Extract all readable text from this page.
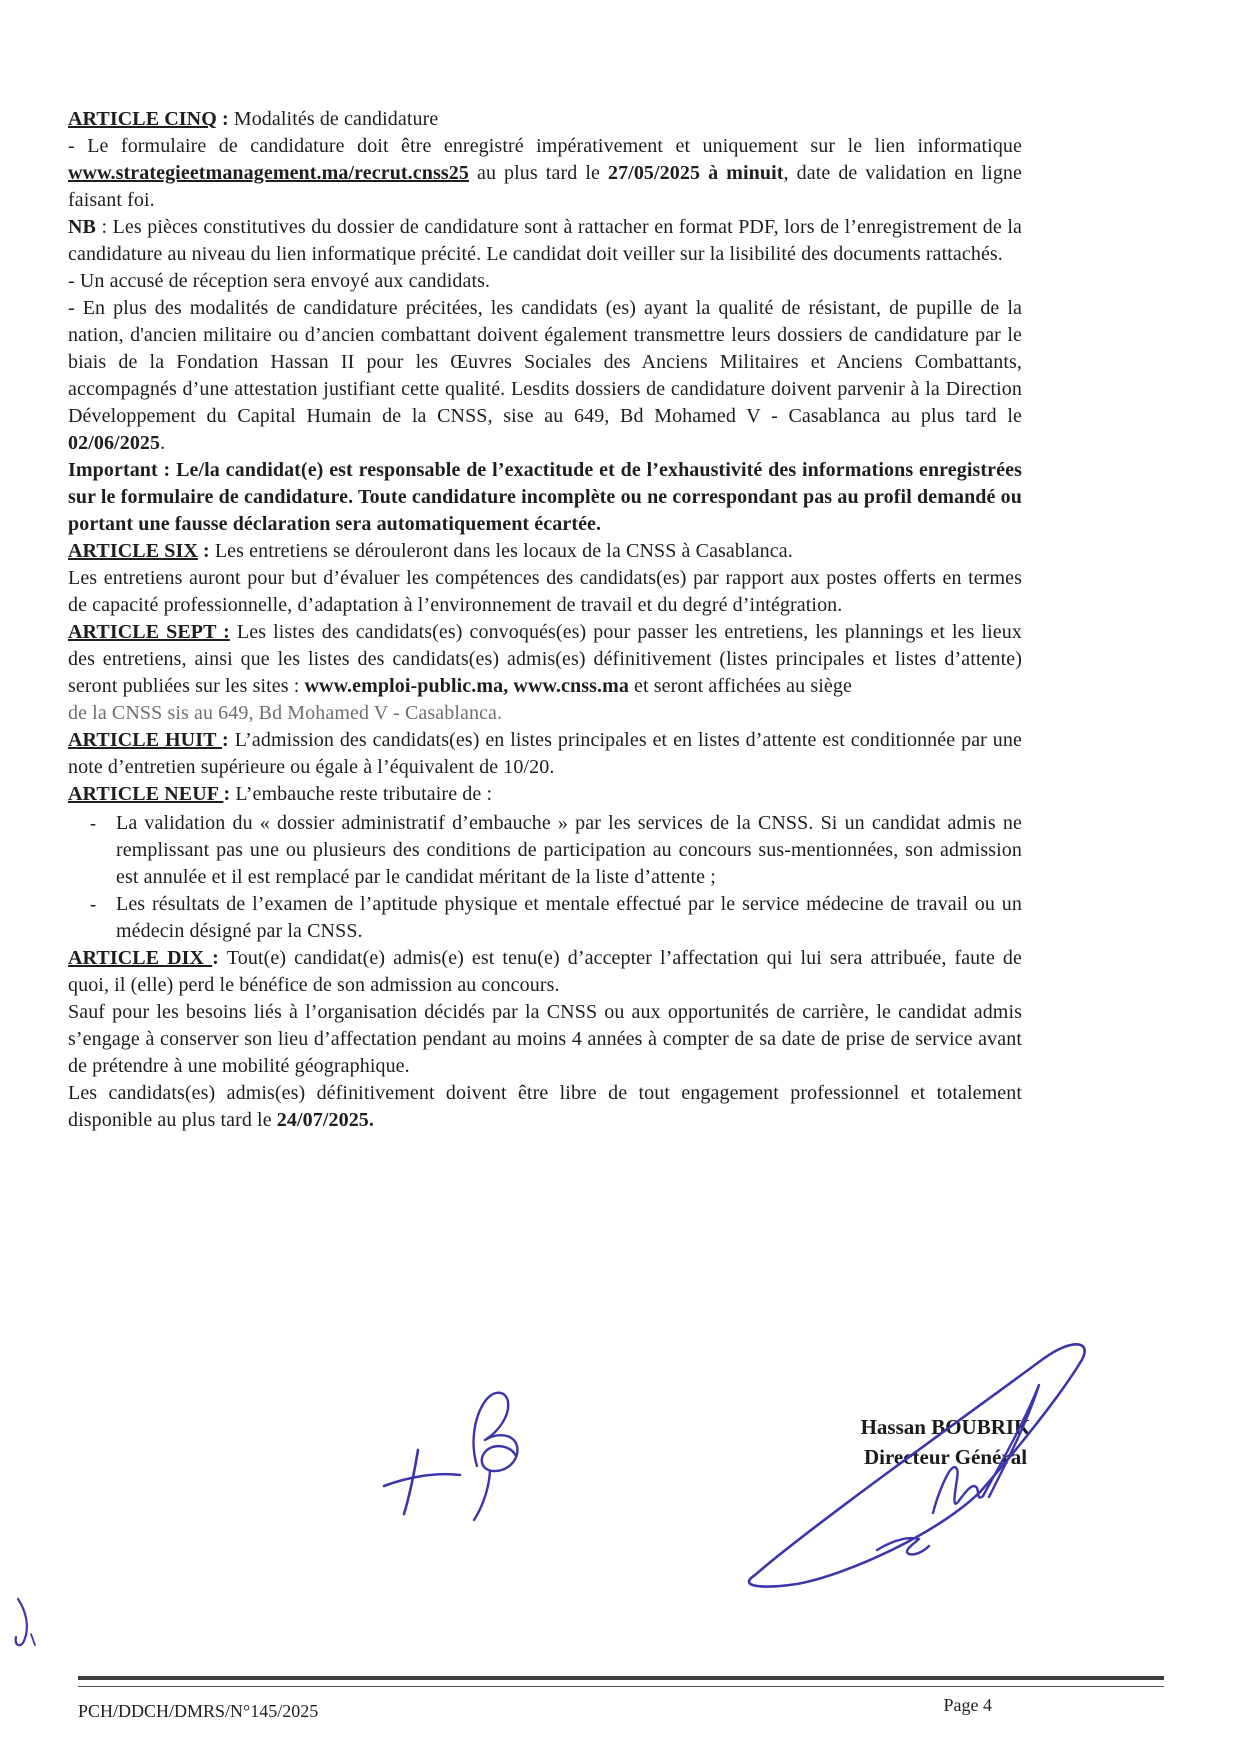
ARTICLE CINQ : Modalités de candidature

- Le formulaire de candidature doit être enregistré impérativement et uniquement sur le lien informatique www.strategieetmanagement.ma/recrut.cnss25 au plus tard le 27/05/2025 à minuit, date de validation en ligne faisant foi.

NB : Les pièces constitutives du dossier de candidature sont à rattacher en format PDF, lors de l’enregistrement de la candidature au niveau du lien informatique précité. Le candidat doit veiller sur la lisibilité des documents rattachés.

- Un accusé de réception sera envoyé aux candidats.

- En plus des modalités de candidature précitées, les candidats (es) ayant la qualité de résistant, de pupille de la nation, d'ancien militaire ou d’ancien combattant doivent également transmettre leurs dossiers de candidature par le biais de la Fondation Hassan II pour les Œuvres Sociales des Anciens Militaires et Anciens Combattants, accompagnés d’une attestation justifiant cette qualité. Lesdits dossiers de candidature doivent parvenir à la Direction Développement du Capital Humain de la CNSS, sise au 649, Bd Mohamed V - Casablanca au plus tard le 02/06/2025.

Important : Le/la candidat(e) est responsable de l’exactitude et de l’exhaustivité des informations enregistrées sur le formulaire de candidature. Toute candidature incomplète ou ne correspondant pas au profil demandé ou portant une fausse déclaration sera automatiquement écartée.

ARTICLE SIX : Les entretiens se dérouleront dans les locaux de la CNSS à Casablanca.

Les entretiens auront pour but d’évaluer les compétences des candidats(es) par rapport aux postes offerts en termes de capacité professionnelle, d’adaptation à l’environnement de travail et du degré d’intégration.

ARTICLE SEPT : Les listes des candidats(es) convoqués(es) pour passer les entretiens, les plannings et les lieux des entretiens, ainsi que les listes des candidats(es) admis(es) définitivement (listes principales et listes d’attente) seront publiées sur les sites : www.emploi-public.ma, www.cnss.ma et seront affichées au siège

de la CNSS sis au 649, Bd Mohamed V - Casablanca.

ARTICLE HUIT : L’admission des candidats(es) en listes principales et en listes d’attente est conditionnée par une note d’entretien supérieure ou égale à l’équivalent de 10/20.

ARTICLE NEUF : L’embauche reste tributaire de :

- La validation du « dossier administratif d’embauche » par les services de la CNSS. Si un candidat admis ne remplissant pas une ou plusieurs des conditions de participation au concours sus-mentionnées, son admission est annulée et il est remplacé par le candidat méritant de la liste d’attente ;

- Les résultats de l’examen de l’aptitude physique et mentale effectué par le service médecine de travail ou un médecin désigné par la CNSS.

ARTICLE DIX : Tout(e) candidat(e) admis(e) est tenu(e) d’accepter l’affectation qui lui sera attribuée, faute de quoi, il (elle) perd le bénéfice de son admission au concours.

Sauf pour les besoins liés à l’organisation décidés par la CNSS ou aux opportunités de carrière, le candidat admis s’engage à conserver son lieu d’affectation pendant au moins 4 années à compter de sa date de prise de service avant de prétendre à une mobilité géographique.

Les candidats(es) admis(es) définitivement doivent être libre de tout engagement professionnel et totalement disponible au plus tard le 24/07/2025.

Hassan BOUBRIK
Directeur Général
PCH/DDCH/DMRS/N°145/2025	Page 4
